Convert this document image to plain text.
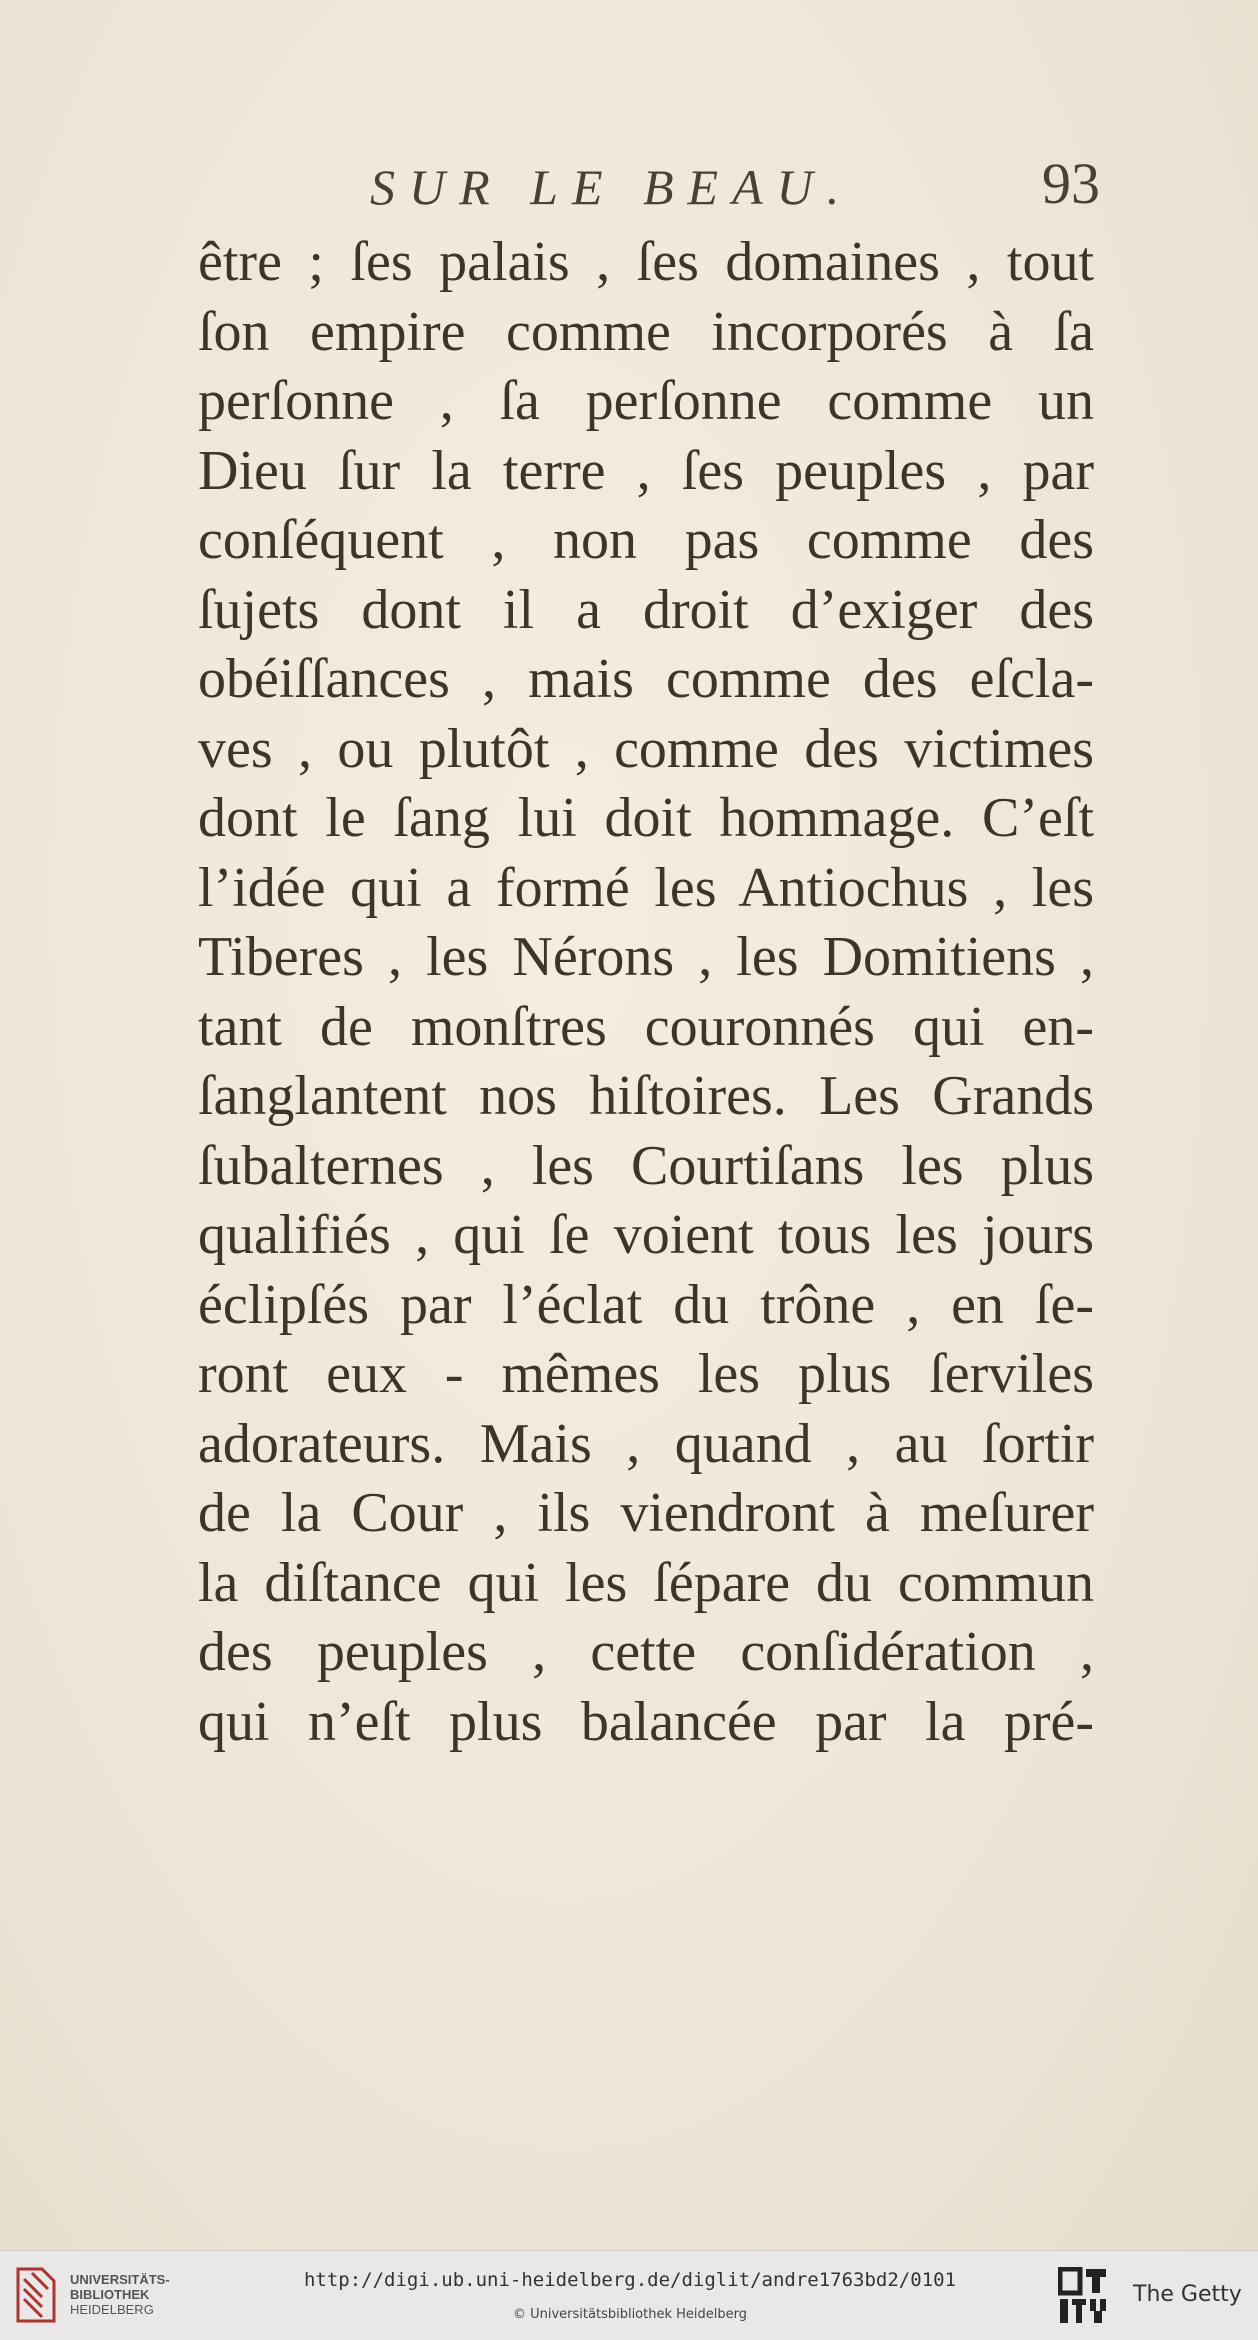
SUR LE BEAU.	93
être ; ſes palais , ſes domaines , tout
ſon empire comme incorporés à ſa
perſonne , ſa perſonne comme un
Dieu ſur la terre , ſes peuples , par
conſéquent , non pas comme des
ſujets dont il a droit d’exiger des
obéiſſances , mais comme des eſcla-
ves , ou plutôt , comme des victimes
dont le ſang lui doit hommage. C’eſt
l’idée qui a formé les Antiochus , les
Tiberes , les Nérons , les Domitiens ,
tant de monſtres couronnés qui en-
ſanglantent nos hiſtoires. Les Grands
ſubalternes , les Courtiſans les plus
qualifiés , qui ſe voient tous les jours
éclipſés par l’éclat du trône , en ſe-
ront eux - mêmes les plus ſerviles
adorateurs. Mais , quand , au ſortir
de la Cour , ils viendront à meſurer
la diſtance qui les ſépare du commun
des peuples , cette conſidération ,
qui n’eſt plus balancée par la pré-
UNIVERSITÄTS-
BIBLIOTHEK
HEIDELBERG
http://digi.ub.uni-heidelberg.de/diglit/andre1763bd2/0101
© Universitätsbibliothek Heidelberg
The Getty
